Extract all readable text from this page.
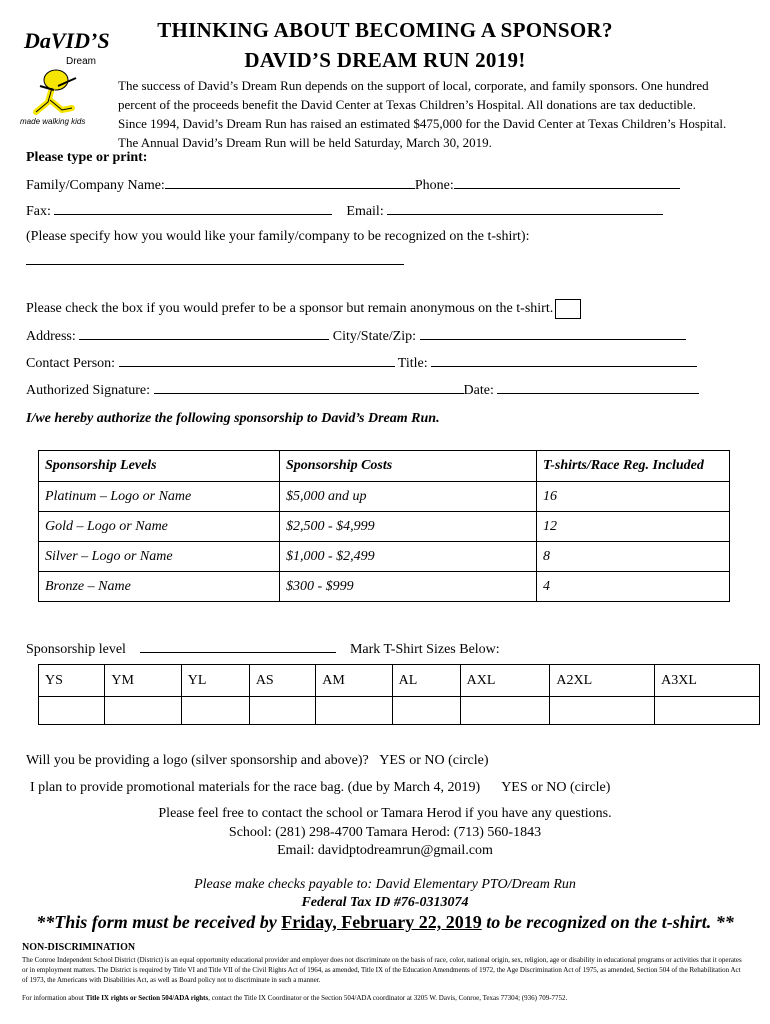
DaVID’S
Dream
made walking kids
THINKING ABOUT BECOMING A SPONSOR?
DAVID’S DREAM RUN 2019!
The success of David’s Dream Run depends on the support of local, corporate, and family sponsors. One hundred percent of the proceeds benefit the David Center at Texas Children’s Hospital. All donations are tax deductible. Since 1994, David’s Dream Run has raised an estimated $475,000 for the David Center at Texas Children’s Hospital. The Annual David’s Dream Run will be held Saturday, March 30, 2019.
Please type or print:
Family/Company Name:	Phone:
Fax:	Email:
(Please specify how you would like your family/company to be recognized on the t-shirt):
Please check the box if you would prefer to be a sponsor but remain anonymous on the t-shirt.
Address:	City/State/Zip:
Contact Person:	Title:
Authorized Signature:	Date:
I/we hereby authorize the following sponsorship to David’s Dream Run.
Sponsorship Levels	Sponsorship Costs	T-shirts/Race Reg. Included
Platinum – Logo or Name	$5,000 and up	16
Gold – Logo or Name	$2,500 - $4,999	12
Silver – Logo or Name	$1,000 - $2,499	8
Bronze – Name	$300 - $999	4
Sponsorship level	Mark T-Shirt Sizes Below:
YS	YM	YL	AS	AM	AL	AXL	A2XL	A3XL

Will you be providing a logo (silver sponsorship and above)? YES or NO (circle)
I plan to provide promotional materials for the race bag. (due by March 4, 2019) YES or NO (circle)
Please feel free to contact the school or Tamara Herod if you have any questions.
School: (281) 298-4700 Tamara Herod: (713) 560-1843
Email: davidptodreamrun@gmail.com
Please make checks payable to: David Elementary PTO/Dream Run
Federal Tax ID #76-0313074
**This form must be received by Friday, February 22, 2019 to be recognized on the t-shirt. **
NON-DISCRIMINATION
The Conroe Independent School District (District) is an equal opportunity educational provider and employer does not discriminate on the basis of race, color, national origin, sex, religion, age or disability in educational programs or activities that it operates or in employment matters. The District is required by Title VI and Title VII of the Civil Rights Act of 1964, as amended, Title IX of the Education Amendments of 1972, the Age Discrimination Act of 1975, as amended, Section 504 of the Rehabilitation Act of 1973, the Americans with Disabilities Act, as well as Board policy not to discriminate in such a manner.
For information about Title IX rights or Section 504/ADA rights, contact the Title IX Coordinator or the Section 504/ADA coordinator at 3205 W. Davis, Conroe, Texas 77304; (936) 709-7752.
